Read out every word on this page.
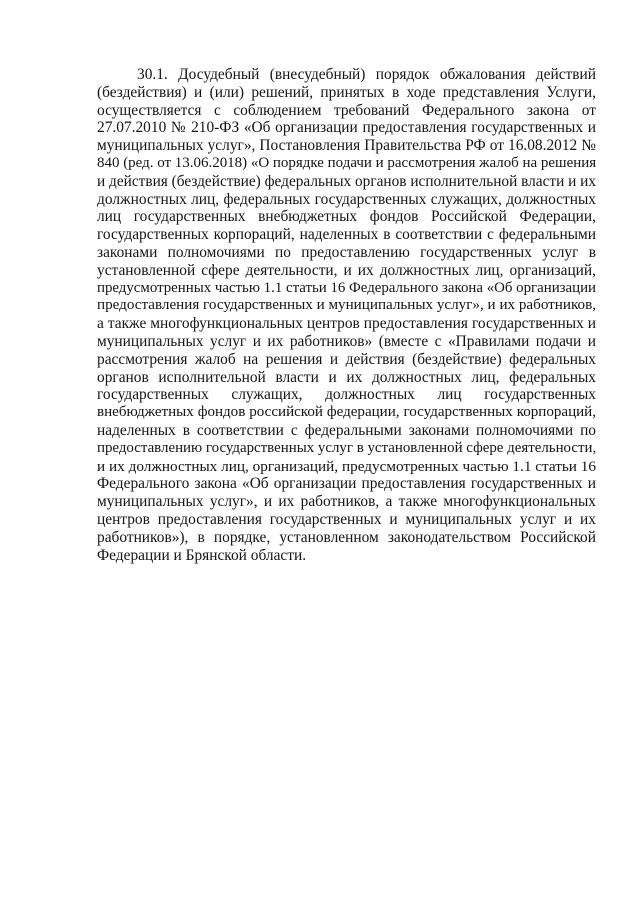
30.1. Досудебный (внесудебный) порядок обжалования действий
(бездействия) и (или) решений, принятых в ходе представления Услуги,
осуществляется с соблюдением требований Федерального закона от
27.07.2010 № 210-ФЗ «Об организации предоставления государственных и
муниципальных услуг», Постановления Правительства РФ от 16.08.2012 №
840 (ред. от 13.06.2018) «О порядке подачи и рассмотрения жалоб на решения
и действия (бездействие) федеральных органов исполнительной власти и их
должностных лиц, федеральных государственных служащих, должностных
лиц государственных внебюджетных фондов Российской Федерации,
государственных корпораций, наделенных в соответствии с федеральными
законами полномочиями по предоставлению государственных услуг в
установленной сфере деятельности, и их должностных лиц, организаций,
предусмотренных частью 1.1 статьи 16 Федерального закона «Об организации
предоставления государственных и муниципальных услуг», и их работников,
а также многофункциональных центров предоставления государственных и
муниципальных услуг и их работников» (вместе с «Правилами подачи и
рассмотрения жалоб на решения и действия (бездействие) федеральных
органов исполнительной власти и их должностных лиц, федеральных
государственных служащих, должностных лиц государственных
внебюджетных фондов российской федерации, государственных корпораций,
наделенных в соответствии с федеральными законами полномочиями по
предоставлению государственных услуг в установленной сфере деятельности,
и их должностных лиц, организаций, предусмотренных частью 1.1 статьи 16
Федерального закона «Об организации предоставления государственных и
муниципальных услуг», и их работников, а также многофункциональных
центров предоставления государственных и муниципальных услуг и их
работников»), в порядке, установленном законодательством Российской
Федерации и Брянской области.
